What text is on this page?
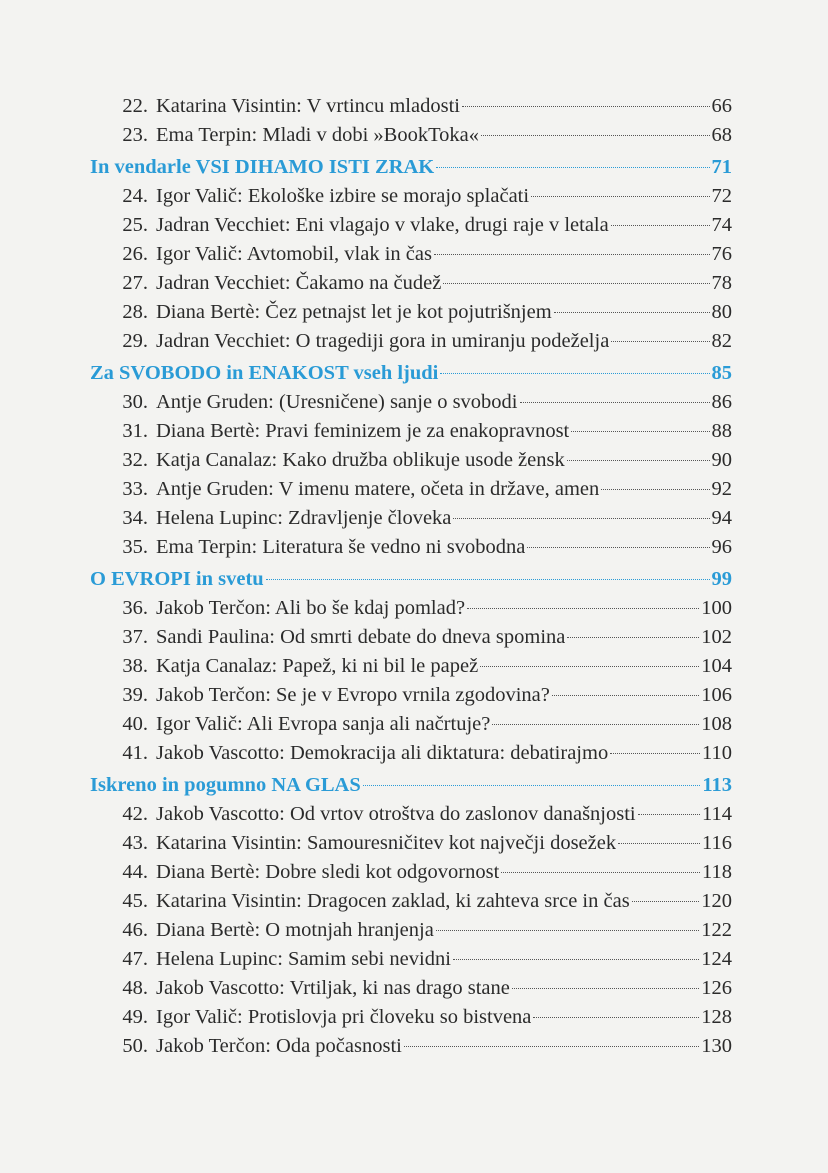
22. Katarina Visintin: V vrtincu mladosti	66
23. Ema Terpin: Mladi v dobi »BookToka«	68
In vendarle VSI DIHAMO ISTI ZRAK	71
24. Igor Valič: Ekološke izbire se morajo splačati	72
25. Jadran Vecchiet: Eni vlagajo v vlake, drugi raje v letala	74
26. Igor Valič: Avtomobil, vlak in čas	76
27. Jadran Vecchiet: Čakamo na čudež	78
28. Diana Bertè: Čez petnajst let je kot pojutrišnjem	80
29. Jadran Vecchiet: O tragediji gora in umiranju podeželja	82
Za SVOBODO in ENAKOST vseh ljudi	85
30. Antje Gruden: (Uresničene) sanje o svobodi	86
31. Diana Bertè: Pravi feminizem je za enakopravnost	88
32. Katja Canalaz: Kako družba oblikuje usode žensk	90
33. Antje Gruden: V imenu matere, očeta in države, amen	92
34. Helena Lupinc: Zdravljenje človeka	94
35. Ema Terpin: Literatura še vedno ni svobodna	96
O EVROPI in svetu	99
36. Jakob Terčon: Ali bo še kdaj pomlad?	100
37. Sandi Paulina: Od smrti debate do dneva spomina	102
38. Katja Canalaz: Papež, ki ni bil le papež	104
39. Jakob Terčon: Se je v Evropo vrnila zgodovina?	106
40. Igor Valič: Ali Evropa sanja ali načrtuje?	108
41. Jakob Vascotto: Demokracija ali diktatura: debatirajmo	110
Iskreno in pogumno NA GLAS	113
42. Jakob Vascotto: Od vrtov otroštva do zaslonov današnjosti	114
43. Katarina Visintin: Samouresničitev kot največji dosežek	116
44. Diana Bertè: Dobre sledi kot odgovornost	118
45. Katarina Visintin: Dragocen zaklad, ki zahteva srce in čas	120
46. Diana Bertè: O motnjah hranjenja	122
47. Helena Lupinc: Samim sebi nevidni	124
48. Jakob Vascotto: Vrtiljak, ki nas drago stane	126
49. Igor Valič: Protislovja pri človeku so bistvena	128
50. Jakob Terčon: Oda počasnosti	130
